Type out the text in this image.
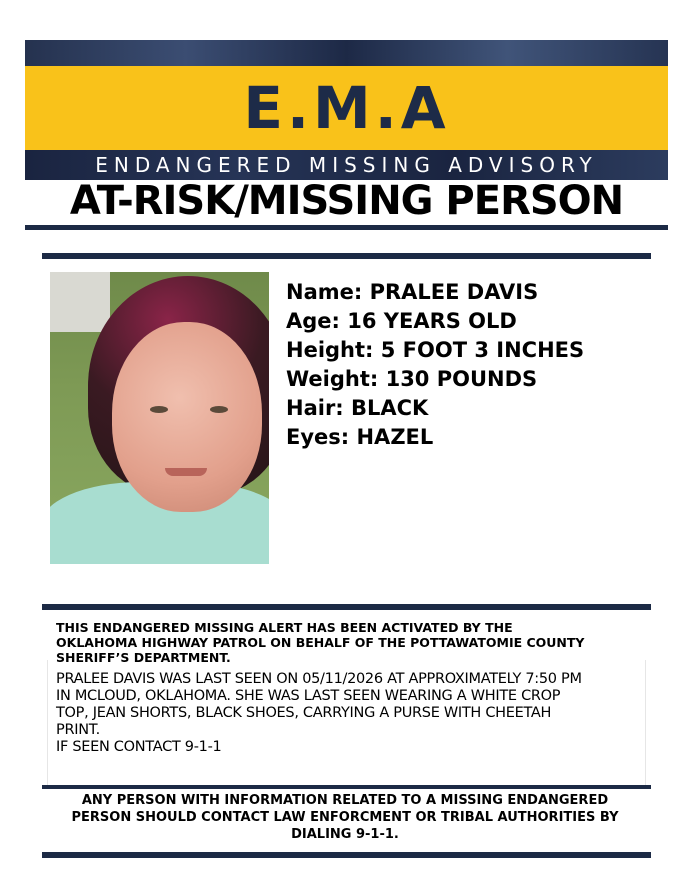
E.M.A
ENDANGERED MISSING ADVISORY
AT-RISK/MISSING PERSON
Name: PRALEE DAVIS
Age: 16 YEARS OLD
Height: 5 FOOT 3 INCHES
Weight: 130 POUNDS
Hair: BLACK
Eyes: HAZEL
THIS ENDANGERED MISSING ALERT HAS BEEN ACTIVATED BY THE
OKLAHOMA HIGHWAY PATROL ON BEHALF OF THE POTTAWATOMIE COUNTY
SHERIFF’S DEPARTMENT.
PRALEE DAVIS WAS LAST SEEN ON 05/11/2026 AT APPROXIMATELY 7:50 PM
IN MCLOUD, OKLAHOMA. SHE WAS LAST SEEN WEARING A WHITE CROP
TOP, JEAN SHORTS, BLACK SHOES, CARRYING A PURSE WITH CHEETAH
PRINT.
IF SEEN CONTACT 9-1-1
ANY PERSON WITH INFORMATION RELATED TO A MISSING ENDANGERED
PERSON SHOULD CONTACT LAW ENFORCMENT OR TRIBAL AUTHORITIES BY
DIALING 9-1-1.
